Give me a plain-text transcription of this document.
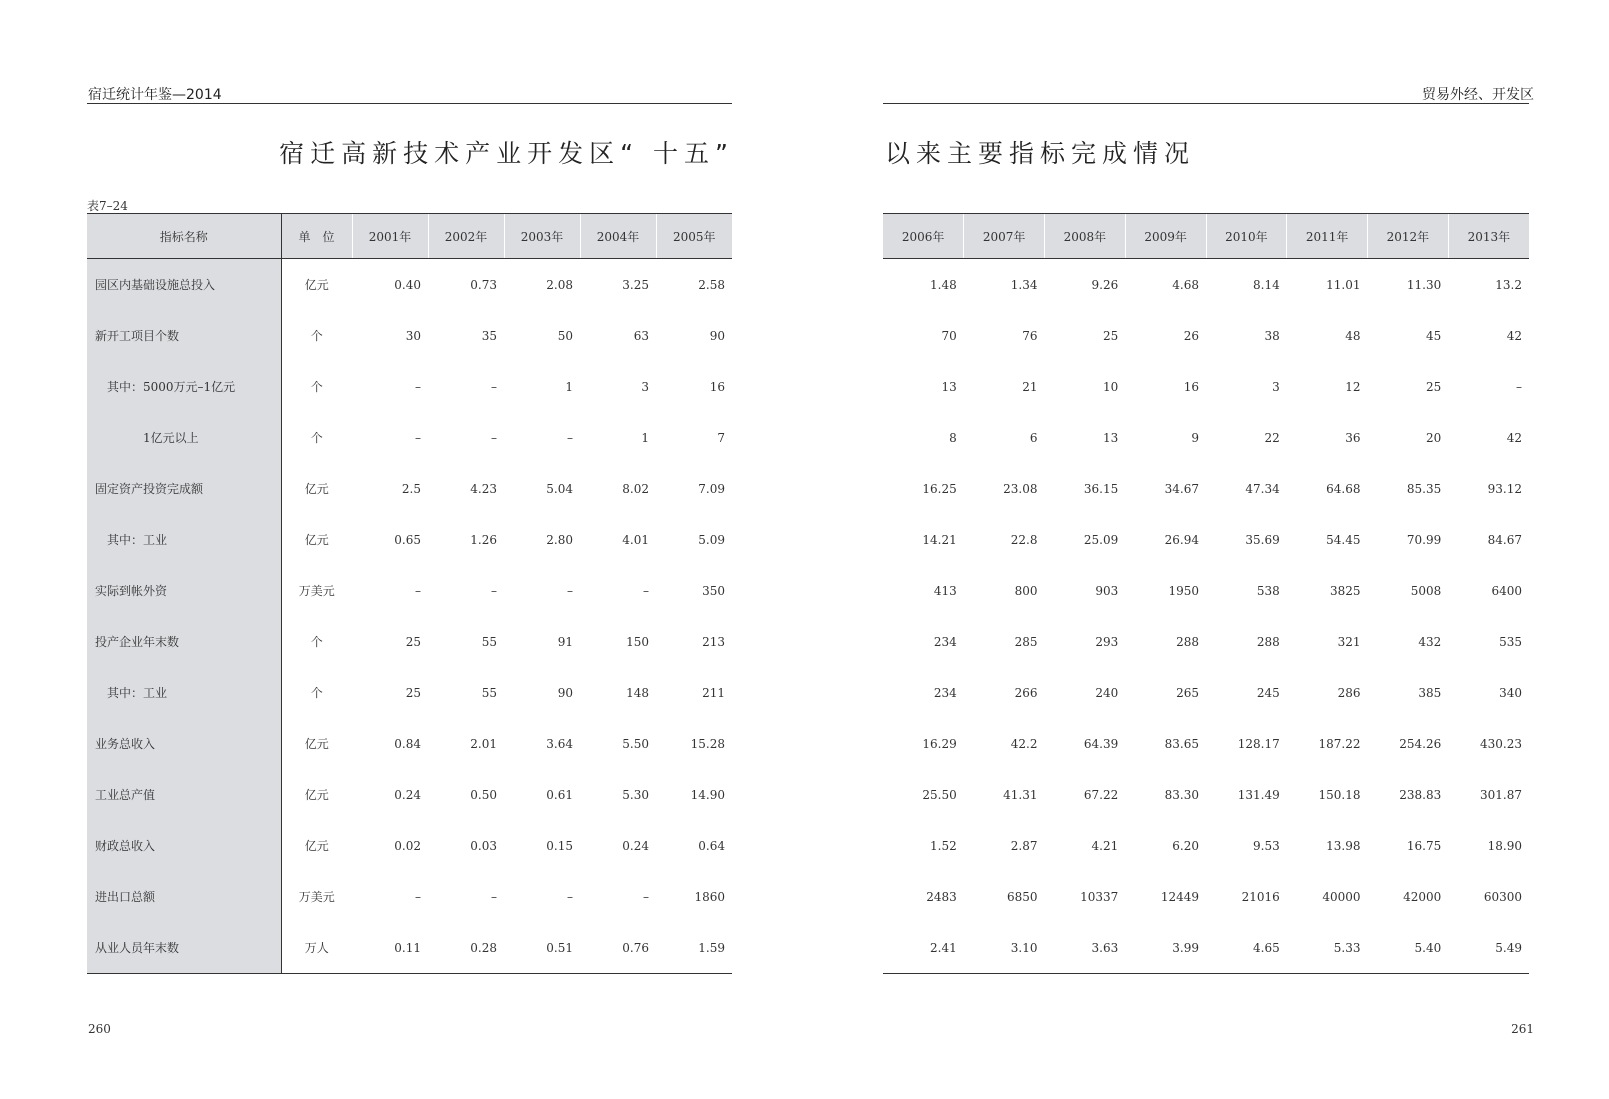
宿迁统计年鉴—2014	贸易外经、开发区
宿迁高新技术产业开发区“ 十五”	以来主要指标完成情况
表7–24
指标名称	单　位	2001年	2002年	2003年	2004年	2005年
园区内基础设施总投入	亿元	0.40	0.73	2.08	3.25	2.58
新开工项目个数	个	30	35	50	63	90
其中：5000万元–1亿元	个	–	–	1	3	16
1亿元以上	个	–	–	–	1	7
固定资产投资完成额	亿元	2.5	4.23	5.04	8.02	7.09
其中：工业	亿元	0.65	1.26	2.80	4.01	5.09
实际到帐外资	万美元	–	–	–	–	350
投产企业年末数	个	25	55	91	150	213
其中：工业	个	25	55	90	148	211
业务总收入	亿元	0.84	2.01	3.64	5.50	15.28
工业总产值	亿元	0.24	0.50	0.61	5.30	14.90
财政总收入	亿元	0.02	0.03	0.15	0.24	0.64
进出口总额	万美元	–	–	–	–	1860
从业人员年末数	万人	0.11	0.28	0.51	0.76	1.59
2006年	2007年	2008年	2009年	2010年	2011年	2012年	2013年
1.48	1.34	9.26	4.68	8.14	11.01	11.30	13.2
70	76	25	26	38	48	45	42
13	21	10	16	3	12	25	–
8	6	13	9	22	36	20	42
16.25	23.08	36.15	34.67	47.34	64.68	85.35	93.12
14.21	22.8	25.09	26.94	35.69	54.45	70.99	84.67
413	800	903	1950	538	3825	5008	6400
234	285	293	288	288	321	432	535
234	266	240	265	245	286	385	340
16.29	42.2	64.39	83.65	128.17	187.22	254.26	430.23
25.50	41.31	67.22	83.30	131.49	150.18	238.83	301.87
1.52	2.87	4.21	6.20	9.53	13.98	16.75	18.90
2483	6850	10337	12449	21016	40000	42000	60300
2.41	3.10	3.63	3.99	4.65	5.33	5.40	5.49
260	261
